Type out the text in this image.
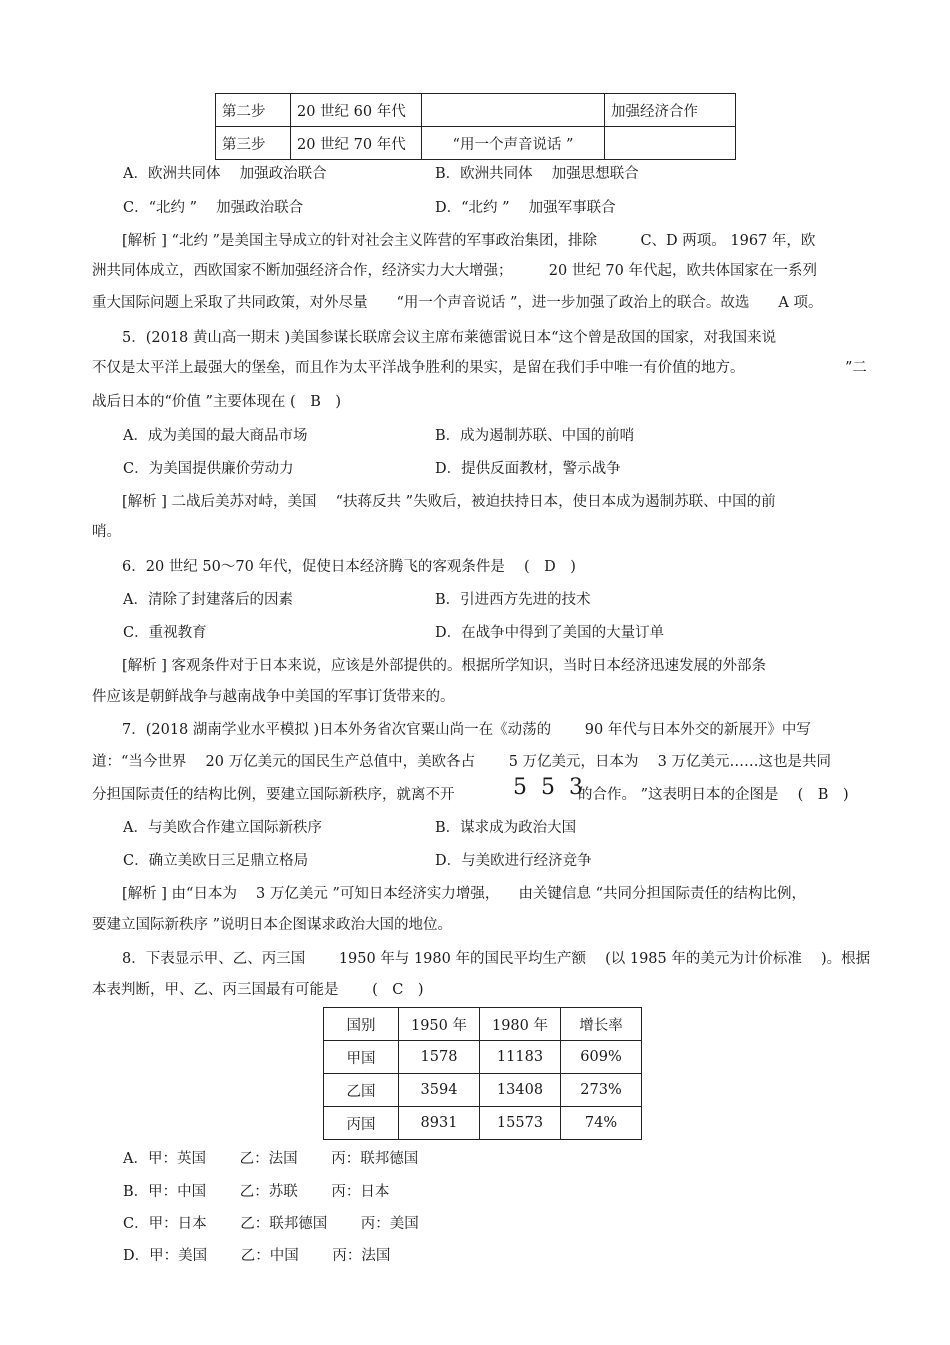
第二步	20 世纪 60 年代		加强经济合作
第三步	20 世纪 70 年代	“用一个声音说话 ”	
A．欧洲共同体 　加强政治联合	B．欧洲共同体 　加强思想联合
C．“北约 ” 　加强政治联合	D．“北约 ” 　加强军事联合
[解析 ] “北约 ”是美国主导成立的针对社会主义阵营的军事政治集团，排除　　　C、D 两项。 1967 年，欧
洲共同体成立，西欧国家不断加强经济合作，经济实力大大增强；　　　20 世纪 70 年代起，欧共体国家在一系列
重大国际问题上采取了共同政策，对外尽量　　“用一个声音说话 ”，进一步加强了政治上的联合。故选　　A 项。
5．(2018 黄山高一期末 )美国参谋长联席会议主席布莱德雷说日本“这个曾是敌国的国家，对我国来说
不仅是太平洋上最强大的堡垒，而且作为太平洋战争胜利的果实，是留在我们手中唯一有价值的地方。	”二
战后日本的“价值 ”主要体现在 (　B　)
A．成为美国的最大商品市场	B．成为遏制苏联、中国的前哨
C．为美国提供廉价劳动力	D．提供反面教材，警示战争
[解析 ] 二战后美苏对峙，美国 　“扶蒋反共 ”失败后，被迫扶持日本，使日本成为遏制苏联、中国的前
哨。
6．20 世纪 50～70 年代，促使日本经济腾飞的客观条件是 　(　D　)
A．清除了封建落后的因素	B．引进西方先进的技术
C．重视教育	D．在战争中得到了美国的大量订单
[解析 ] 客观条件对于日本来说，应该是外部提供的。根据所学知识，当时日本经济迅速发展的外部条
件应该是朝鲜战争与越南战争中美国的军事订货带来的。
7．(2018 湖南学业水平模拟 )日本外务省次官粟山尚一在《动荡的 　　90 年代与日本外交的新展开》中写
道：“当今世界 　20 万亿美元的国民生产总值中，美欧各占 　　5 万亿美元，日本为 　3 万亿美元……这也是共同
分担国际责任的结构比例，要建立国际新秩序，就离不开	553
的合作。 ”这表明日本的企图是 　(　B　)
A．与美欧合作建立国际新秩序	B．谋求成为政治大国
C．确立美欧日三足鼎立格局	D．与美欧进行经济竞争
[解析 ] 由“日本为 　3 万亿美元 ”可知日本经济实力增强， 　由关键信息 “共同分担国际责任的结构比例，
要建立国际新秩序 ”说明日本企图谋求政治大国的地位。
8．下表显示甲、乙、丙三国 　　1950 年与 1980 年的国民平均生产额 　(以 1985 年的美元为计价标准 　)。根据
本表判断，甲、乙、丙三国最有可能是 　　(　C　)
国别	1950 年	1980 年	增长率
甲国	1578	11183	609%
乙国	3594	13408	273%
丙国	8931	15573	74%
A．甲：英国 　　乙：法国 　　丙：联邦德国
B．甲：中国 　　乙：苏联 　　丙：日本
C．甲：日本 　　乙：联邦德国 　　丙：美国
D．甲：美国 　　乙：中国 　　丙：法国
